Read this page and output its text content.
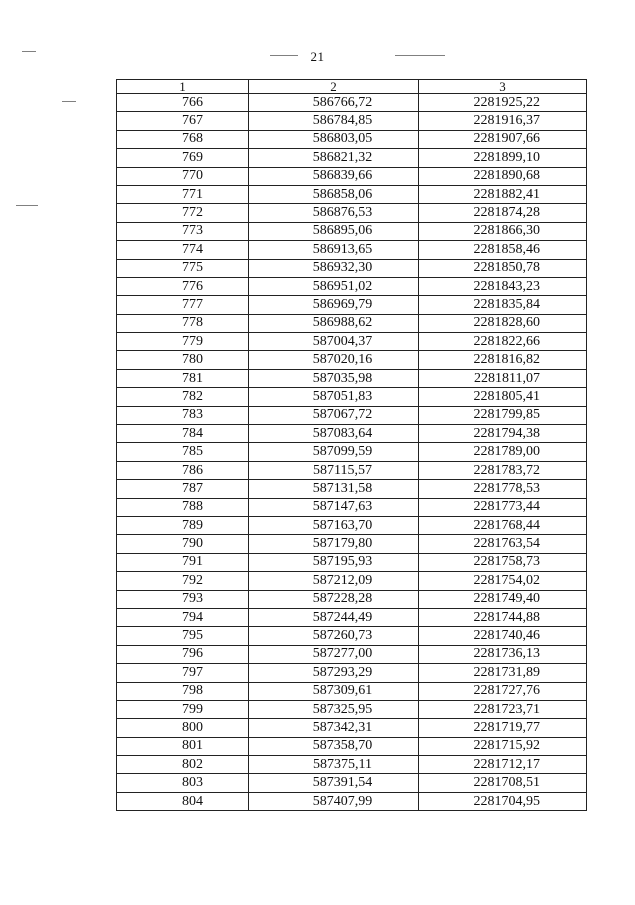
21
1	2	3
766	586766,72	2281925,22
767	586784,85	2281916,37
768	586803,05	2281907,66
769	586821,32	2281899,10
770	586839,66	2281890,68
771	586858,06	2281882,41
772	586876,53	2281874,28
773	586895,06	2281866,30
774	586913,65	2281858,46
775	586932,30	2281850,78
776	586951,02	2281843,23
777	586969,79	2281835,84
778	586988,62	2281828,60
779	587004,37	2281822,66
780	587020,16	2281816,82
781	587035,98	2281811,07
782	587051,83	2281805,41
783	587067,72	2281799,85
784	587083,64	2281794,38
785	587099,59	2281789,00
786	587115,57	2281783,72
787	587131,58	2281778,53
788	587147,63	2281773,44
789	587163,70	2281768,44
790	587179,80	2281763,54
791	587195,93	2281758,73
792	587212,09	2281754,02
793	587228,28	2281749,40
794	587244,49	2281744,88
795	587260,73	2281740,46
796	587277,00	2281736,13
797	587293,29	2281731,89
798	587309,61	2281727,76
799	587325,95	2281723,71
800	587342,31	2281719,77
801	587358,70	2281715,92
802	587375,11	2281712,17
803	587391,54	2281708,51
804	587407,99	2281704,95
